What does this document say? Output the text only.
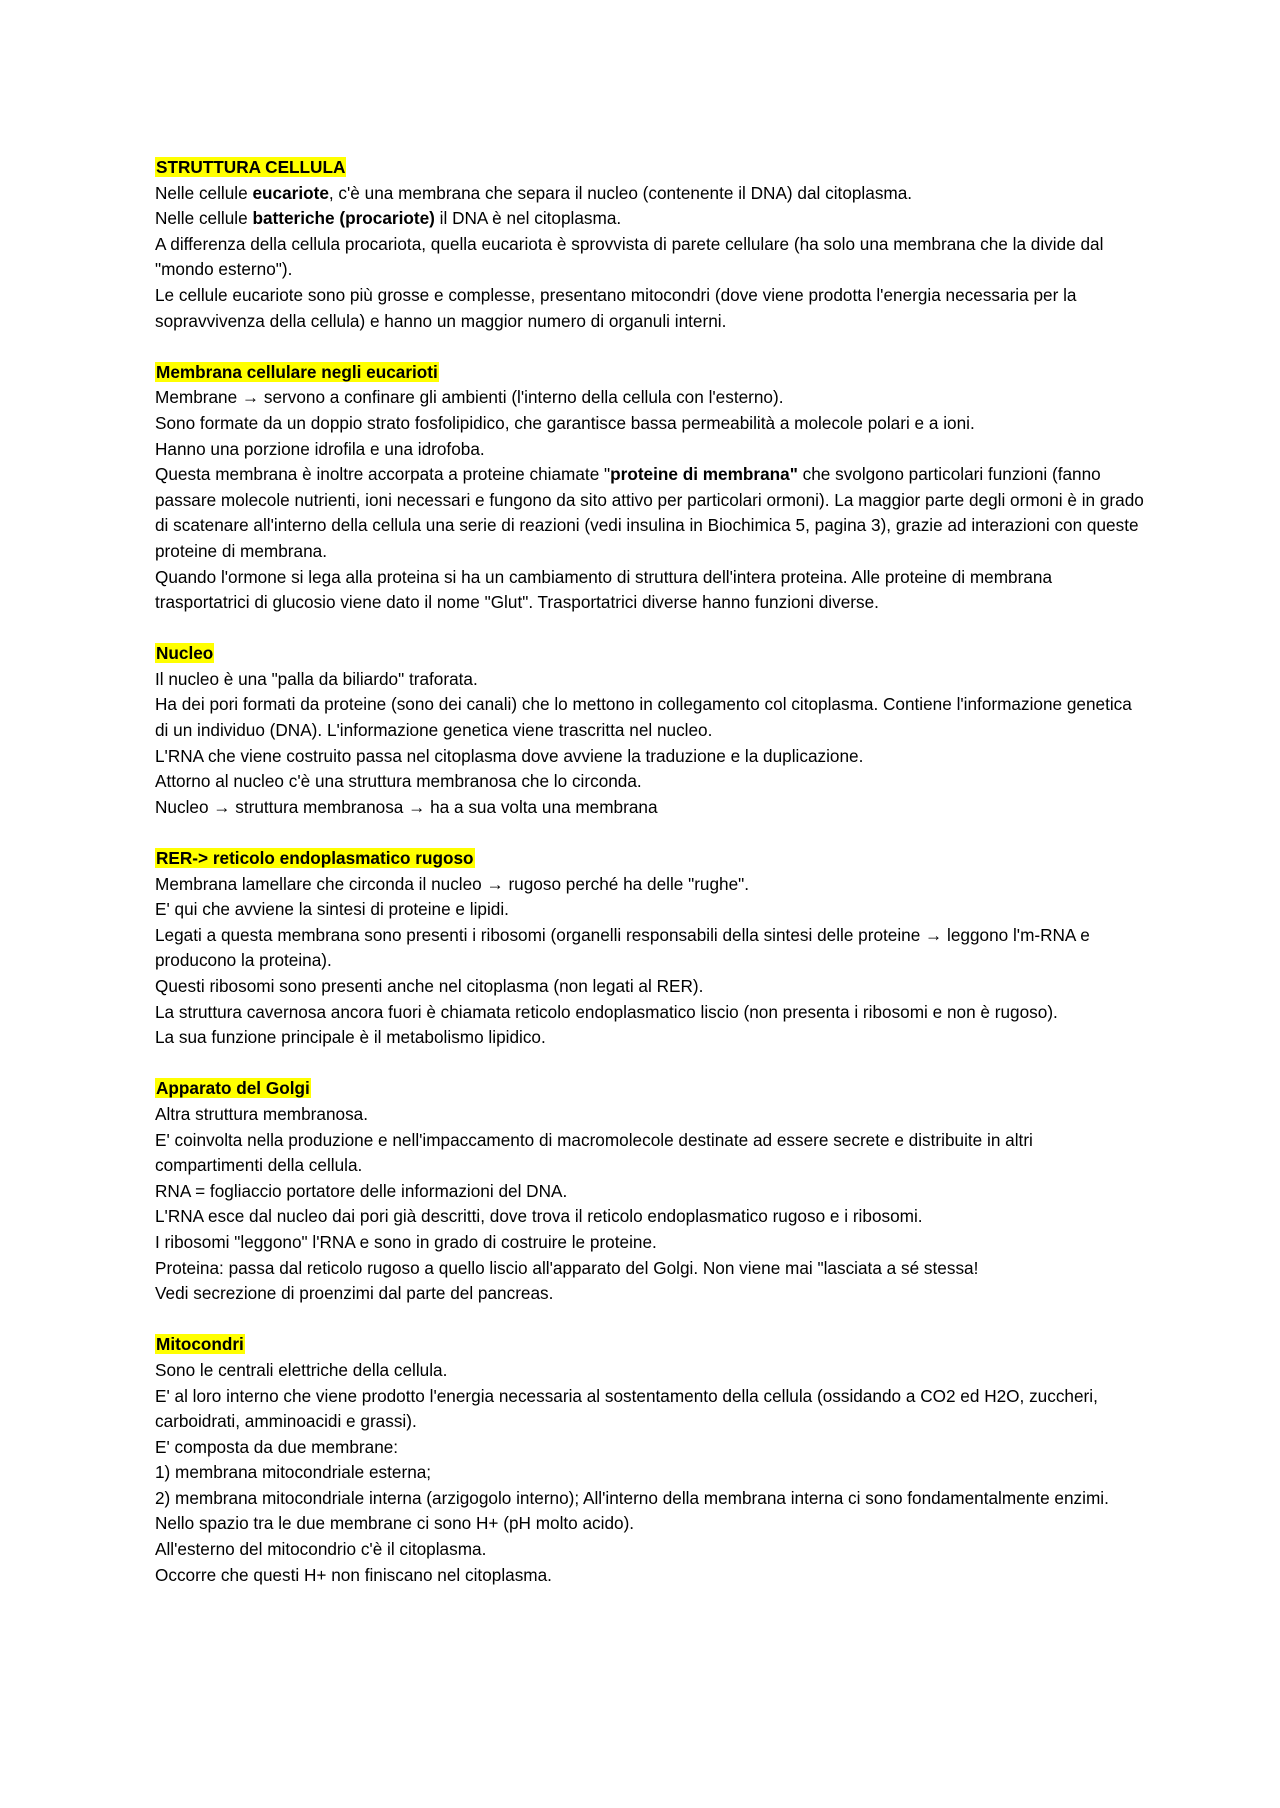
STRUTTURA CELLULA
Nelle cellule eucariote, c'è una membrana che separa il nucleo (contenente il DNA) dal citoplasma.
Nelle cellule batteriche (procariote) il DNA è nel citoplasma.
A differenza della cellula procariota, quella eucariota è sprovvista di parete cellulare (ha solo una membrana che la divide dal "mondo esterno").
Le cellule eucariote sono più grosse e complesse, presentano mitocondri (dove viene prodotta l'energia necessaria per la sopravvivenza della cellula) e hanno un maggior numero di organuli interni.
Membrana cellulare negli eucarioti
Membrane → servono a confinare gli ambienti (l'interno della cellula con l'esterno).
Sono formate da un doppio strato fosfolipidico, che garantisce bassa permeabilità a molecole polari e a ioni.
Hanno una porzione idrofila e una idrofoba.
Questa membrana è inoltre accorpata a proteine chiamate "proteine di membrana" che svolgono particolari funzioni (fanno passare molecole nutrienti, ioni necessari e fungono da sito attivo per particolari ormoni). La maggior parte degli ormoni è in grado di scatenare all'interno della cellula una serie di reazioni (vedi insulina in Biochimica 5, pagina 3), grazie ad interazioni con queste proteine di membrana.
Quando l'ormone si lega alla proteina si ha un cambiamento di struttura dell'intera proteina. Alle proteine di membrana trasportatrici di glucosio viene dato il nome "Glut". Trasportatrici diverse hanno funzioni diverse.
Nucleo
Il nucleo è una "palla da biliardo" traforata.
Ha dei pori formati da proteine (sono dei canali) che lo mettono in collegamento col citoplasma. Contiene l'informazione genetica di un individuo (DNA). L'informazione genetica viene trascritta nel nucleo.
L'RNA che viene costruito passa nel citoplasma dove avviene la traduzione e la duplicazione.
Attorno al nucleo c'è una struttura membranosa che lo circonda.
Nucleo → struttura membranosa → ha a sua volta una membrana
RER-> reticolo endoplasmatico rugoso
Membrana lamellare che circonda il nucleo → rugoso perché ha delle "rughe".
E' qui che avviene la sintesi di proteine e lipidi.
Legati a questa membrana sono presenti i ribosomi (organelli responsabili della sintesi delle proteine → leggono l'm-RNA e producono la proteina).
Questi ribosomi sono presenti anche nel citoplasma (non legati al RER).
La struttura cavernosa ancora fuori è chiamata reticolo endoplasmatico liscio (non presenta i ribosomi e non è rugoso).
La sua funzione principale è il metabolismo lipidico.
Apparato del Golgi
Altra struttura membranosa.
E' coinvolta nella produzione e nell'impaccamento di macromolecole destinate ad essere secrete e distribuite in altri compartimenti della cellula.
RNA = fogliaccio portatore delle informazioni del DNA.
L'RNA esce dal nucleo dai pori già descritti, dove trova il reticolo endoplasmatico rugoso e i ribosomi.
I ribosomi "leggono" l'RNA e sono in grado di costruire le proteine.
Proteina: passa dal reticolo rugoso a quello liscio all'apparato del Golgi. Non viene mai "lasciata a sé stessa!
Vedi secrezione di proenzimi dal parte del pancreas.
Mitocondri
Sono le centrali elettriche della cellula.
E' al loro interno che viene prodotto l'energia necessaria al sostentamento della cellula (ossidando a CO2 ed H2O, zuccheri, carboidrati, amminoacidi e grassi).
E' composta da due membrane:
1) membrana mitocondriale esterna;
2) membrana mitocondriale interna (arzigogolo interno); All'interno della membrana interna ci sono fondamentalmente enzimi.
Nello spazio tra le due membrane ci sono H+ (pH molto acido).
All'esterno del mitocondrio c'è il citoplasma.
Occorre che questi H+ non finiscano nel citoplasma.
